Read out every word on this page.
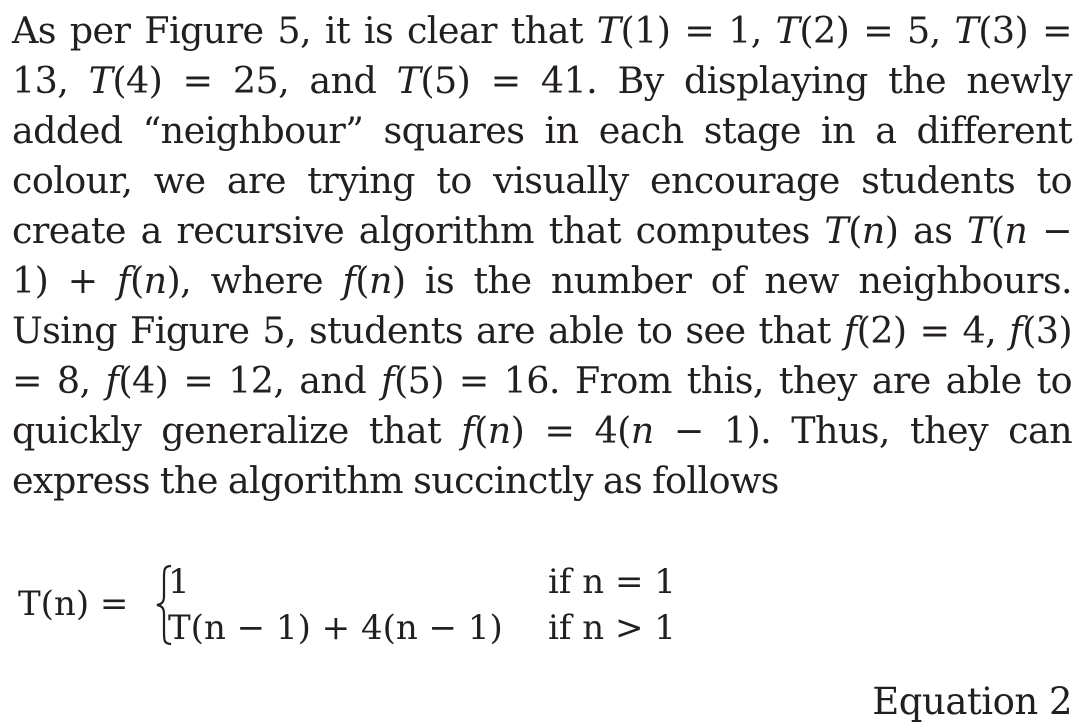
As per Figure 5, it is clear that T(1) = 1, T(2) = 5, T(3) = 13, T(4) = 25, and T(5) = 41. By displaying the newly added “neighbour” squares in each stage in a different colour, we are trying to visually encourage students to create a recursive algorithm that computes T(n) as T(n − 1) + f(n), where f(n) is the number of new neighbours. Using Figure 5, students are able to see that f(2) = 4, f(3) = 8, f(4) = 12, and f(5) = 16. From this, they are able to quickly generalize that f(n) = 4(n − 1). Thus, they can express the algorithm succinctly as follows

T(n) =
1	if n = 1
T(n − 1) + 4(n − 1) if n > 1
Equation 2
